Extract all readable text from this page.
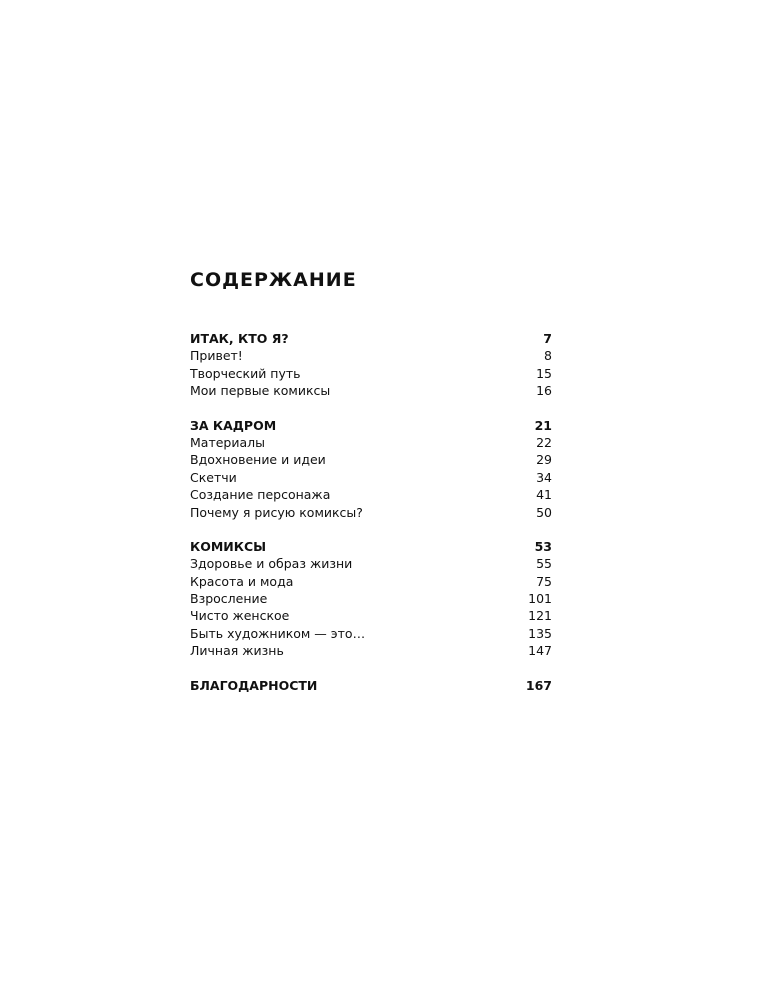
СОДЕРЖАНИЕ
ИТАК, КТО Я?	7
Привет!	8
Творческий путь	15
Мои первые комиксы	16
ЗА КАДРОМ	21
Материалы	22
Вдохновение и идеи	29
Скетчи	34
Создание персонажа	41
Почему я рисую комиксы?	50
КОМИКСЫ	53
Здоровье и образ жизни	55
Красота и мода	75
Взросление	101
Чисто женское	121
Быть художником — это…	135
Личная жизнь	147
БЛАГОДАРНОСТИ	167
